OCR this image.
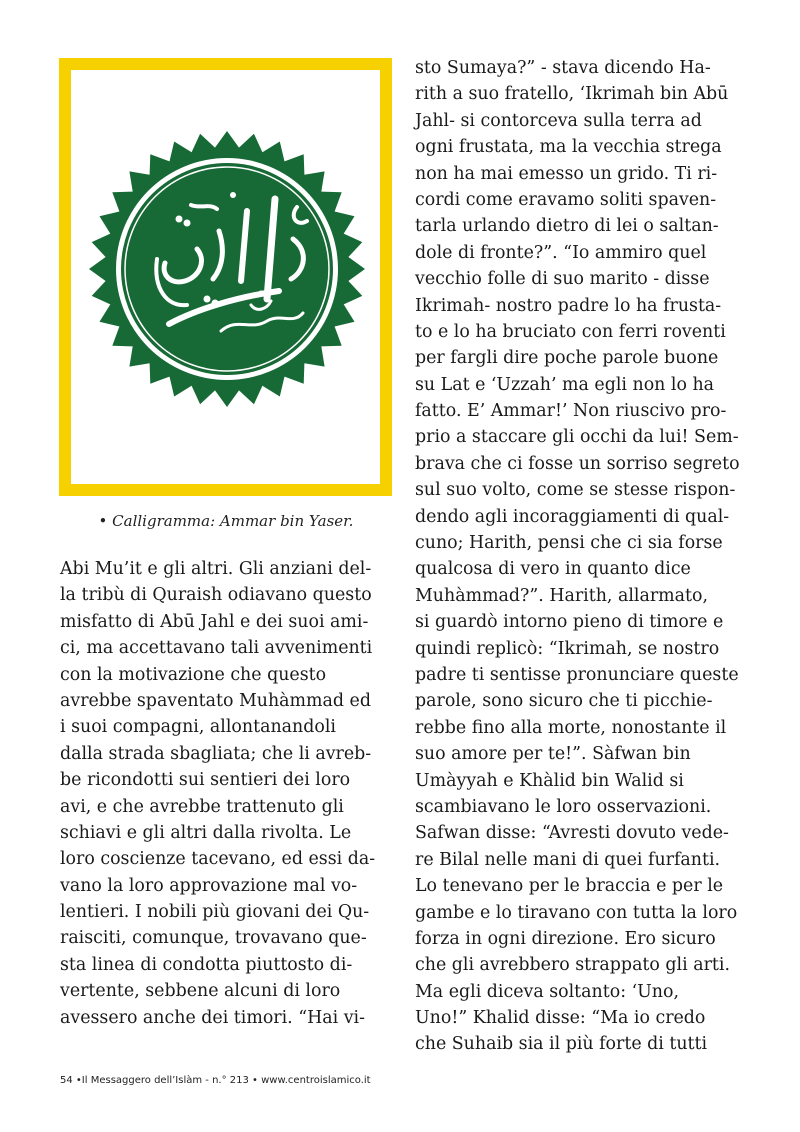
• Calligramma: Ammar bin Yaser.
Abi Mu’it e gli altri. Gli anziani del-
la tribù di Quraish odiavano questo
misfatto di Abū Jahl e dei suoi ami-
ci, ma accettavano tali avvenimenti
con la motivazione che questo
avrebbe spaventato Muhàmmad ed
i suoi compagni, allontanandoli
dalla strada sbagliata; che li avreb-
be ricondotti sui sentieri dei loro
avi, e che avrebbe trattenuto gli
schiavi e gli altri dalla rivolta. Le
loro coscienze tacevano, ed essi da-
vano la loro approvazione mal vo-
lentieri. I nobili più giovani dei Qu-
raisciti, comunque, trovavano que-
sta linea di condotta piuttosto di-
vertente, sebbene alcuni di loro
avessero anche dei timori. “Hai vi-
sto Sumaya?” - stava dicendo Ha-
rith a suo fratello, ‘Ikrimah bin Abū
Jahl- si contorceva sulla terra ad
ogni frustata, ma la vecchia strega
non ha mai emesso un grido. Ti ri-
cordi come eravamo soliti spaven-
tarla urlando dietro di lei o saltan-
dole di fronte?”. “Io ammiro quel
vecchio folle di suo marito - disse
Ikrimah- nostro padre lo ha frusta-
to e lo ha bruciato con ferri roventi
per fargli dire poche parole buone
su Lat e ‘Uzzah’ ma egli non lo ha
fatto. E’ Ammar!’ Non riuscivo pro-
prio a staccare gli occhi da lui! Sem-
brava che ci fosse un sorriso segreto
sul suo volto, come se stesse rispon-
dendo agli incoraggiamenti di qual-
cuno; Harith, pensi che ci sia forse
qualcosa di vero in quanto dice
Muhàmmad?”. Harith, allarmato,
si guardò intorno pieno di timore e
quindi replicò: “Ikrimah, se nostro
padre ti sentisse pronunciare queste
parole, sono sicuro che ti picchie-
rebbe fino alla morte, nonostante il
suo amore per te!”. Sàfwan bin
Umàyyah e Khàlid bin Walid si
scambiavano le loro osservazioni.
Safwan disse: “Avresti dovuto vede-
re Bilal nelle mani di quei furfanti.
Lo tenevano per le braccia e per le
gambe e lo tiravano con tutta la loro
forza in ogni direzione. Ero sicuro
che gli avrebbero strappato gli arti.
Ma egli diceva soltanto: ‘Uno,
Uno!” Khalid disse: “Ma io credo
che Suhaib sia il più forte di tutti
54 •Il Messaggero dell’Islàm - n.° 213 • www.centroislamico.it
